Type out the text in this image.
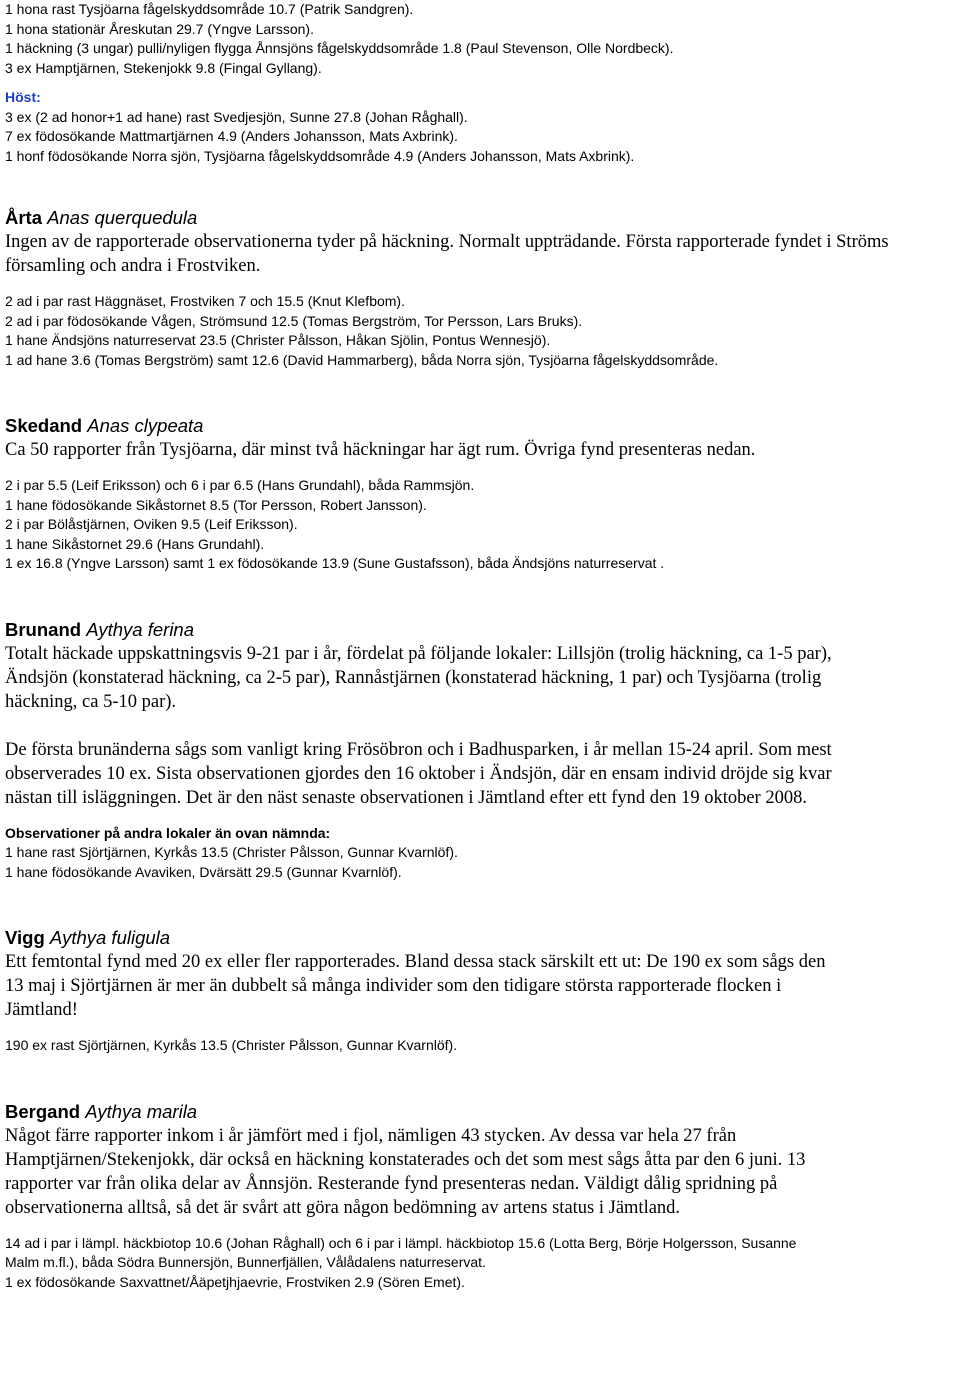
1 hona rast Tysjöarna fågelskyddsområde 10.7 (Patrik Sandgren).
1 hona stationär Åreskutan 29.7 (Yngve Larsson).
1 häckning (3 ungar) pulli/nyligen flygga Ånnsjöns fågelskyddsområde 1.8 (Paul Stevenson, Olle Nordbeck).
3 ex Hamptjärnen, Stekenjokk 9.8 (Fingal Gyllang).
Höst:
3 ex (2 ad honor+1 ad hane) rast Svedjesjön, Sunne 27.8 (Johan Råghall).
7 ex födosökande Mattmartjärnen 4.9 (Anders Johansson, Mats Axbrink).
1 honf födosökande Norra sjön, Tysjöarna fågelskyddsområde 4.9 (Anders Johansson, Mats Axbrink).
Årta Anas querquedula
Ingen av de rapporterade observationerna tyder på häckning. Normalt uppträdande. Första rapporterade fyndet i Ströms församling och andra i Frostviken.
2 ad i par rast Häggnäset, Frostviken 7 och 15.5 (Knut Klefbom).
2 ad i par födosökande Vågen, Strömsund 12.5 (Tomas Bergström, Tor Persson, Lars Bruks).
1 hane Ändsjöns naturreservat 23.5 (Christer Pålsson, Håkan Sjölin, Pontus Wennesjö).
1 ad hane 3.6 (Tomas Bergström) samt 12.6 (David Hammarberg), båda Norra sjön, Tysjöarna fågelskyddsområde.
Skedand Anas clypeata
Ca 50 rapporter från Tysjöarna, där minst två häckningar har ägt rum. Övriga fynd presenteras nedan.
2 i par 5.5 (Leif Eriksson) och 6 i par 6.5 (Hans Grundahl), båda Rammsjön.
1 hane födosökande Sikåstornet 8.5 (Tor Persson, Robert Jansson).
2 i par Bölåstjärnen, Oviken 9.5 (Leif Eriksson).
1 hane Sikåstornet 29.6 (Hans Grundahl).
1 ex 16.8 (Yngve Larsson) samt 1 ex födosökande 13.9 (Sune Gustafsson), båda Ändsjöns naturreservat .
Brunand Aythya ferina
Totalt häckade uppskattningsvis 9-21 par i år, fördelat på följande lokaler: Lillsjön (trolig häckning, ca 1-5 par),
Ändsjön (konstaterad häckning, ca 2-5 par), Rannåstjärnen (konstaterad häckning, 1 par) och Tysjöarna (trolig
häckning, ca 5-10 par).
De första brunänderna sågs som vanligt kring Frösöbron och i Badhusparken, i år mellan 15-24 april. Som mest
observerades 10 ex. Sista observationen gjordes den 16 oktober i Ändsjön, där en ensam individ dröjde sig kvar
nästan till isläggningen. Det är den näst senaste observationen i Jämtland efter ett fynd den 19 oktober 2008.
Observationer på andra lokaler än ovan nämnda:
1 hane rast Sjörtjärnen, Kyrkås 13.5 (Christer Pålsson, Gunnar Kvarnlöf).
1 hane födosökande Avaviken, Dvärsätt 29.5 (Gunnar Kvarnlöf).
Vigg Aythya fuligula
Ett femtontal fynd med 20 ex eller fler rapporterades. Bland dessa stack särskilt ett ut: De 190 ex som sågs den
13 maj i Sjörtjärnen är mer än dubbelt så många individer som den tidigare största rapporterade flocken i
Jämtland!
190 ex rast Sjörtjärnen, Kyrkås 13.5 (Christer Pålsson, Gunnar Kvarnlöf).
Bergand Aythya marila
Något färre rapporter inkom i år jämfört med i fjol, nämligen 43 stycken. Av dessa var hela 27 från
Hamptjärnen/Stekenjokk, där också en häckning konstaterades och det som mest sågs åtta par den 6 juni. 13
rapporter var från olika delar av Ånnsjön. Resterande fynd presenteras nedan. Väldigt dålig spridning på
observationerna alltså, så det är svårt att göra någon bedömning av artens status i Jämtland.
14 ad i par i lämpl. häckbiotop 10.6 (Johan Råghall) och 6 i par i lämpl. häckbiotop 15.6 (Lotta Berg, Börje Holgersson, Susanne
Malm m.fl.), båda Södra Bunnersjön, Bunnerfjällen, Vålådalens naturreservat.
1 ex födosökande Saxvattnet/Åäpetjhjaevrie, Frostviken 2.9 (Sören Emet).
